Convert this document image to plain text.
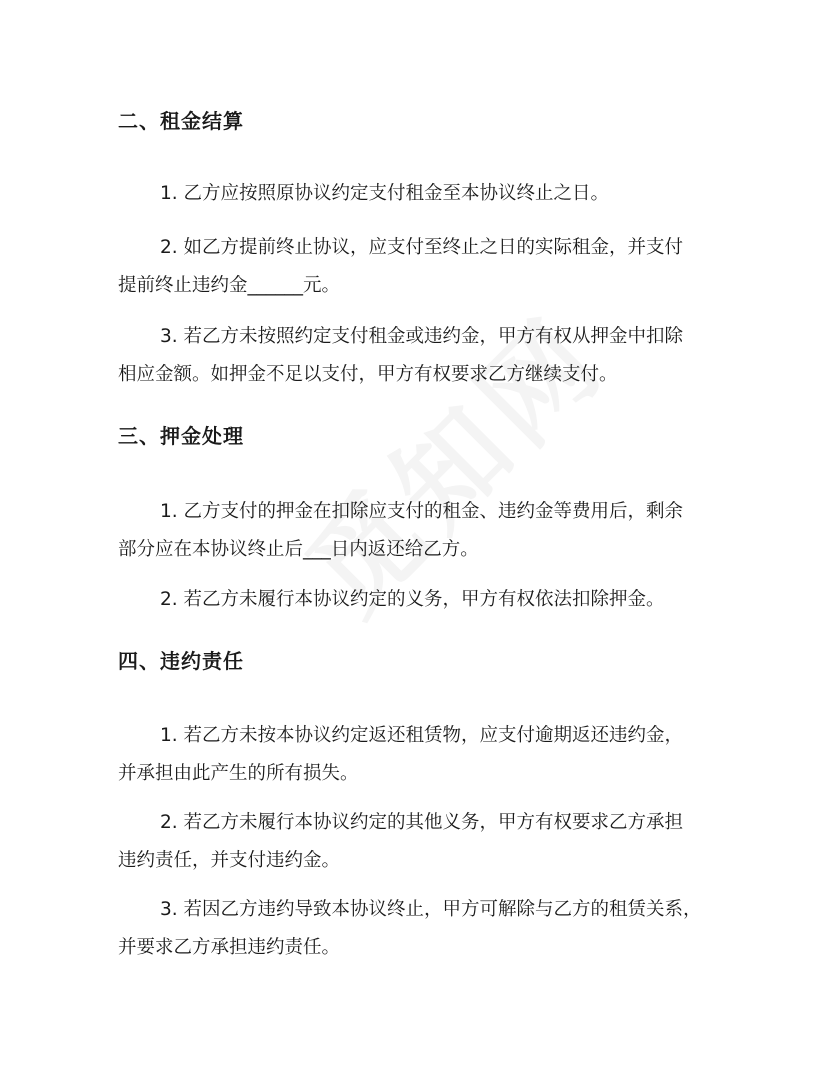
二、租金结算
1. 乙方应按照原协议约定支付租金至本协议终止之日。
2. 如乙方提前终止协议，应支付至终止之日的实际租金，并支付
提前终止违约金______元。
3. 若乙方未按照约定支付租金或违约金，甲方有权从押金中扣除
相应金额。如押金不足以支付，甲方有权要求乙方继续支付。
三、押金处理
1. 乙方支付的押金在扣除应支付的租金、违约金等费用后，剩余
部分应在本协议终止后___日内返还给乙方。
2. 若乙方未履行本协议约定的义务，甲方有权依法扣除押金。
四、违约责任
1. 若乙方未按本协议约定返还租赁物，应支付逾期返还违约金，
并承担由此产生的所有损失。
2. 若乙方未履行本协议约定的其他义务，甲方有权要求乙方承担
违约责任，并支付违约金。
3. 若因乙方违约导致本协议终止，甲方可解除与乙方的租赁关系，
并要求乙方承担违约责任。
